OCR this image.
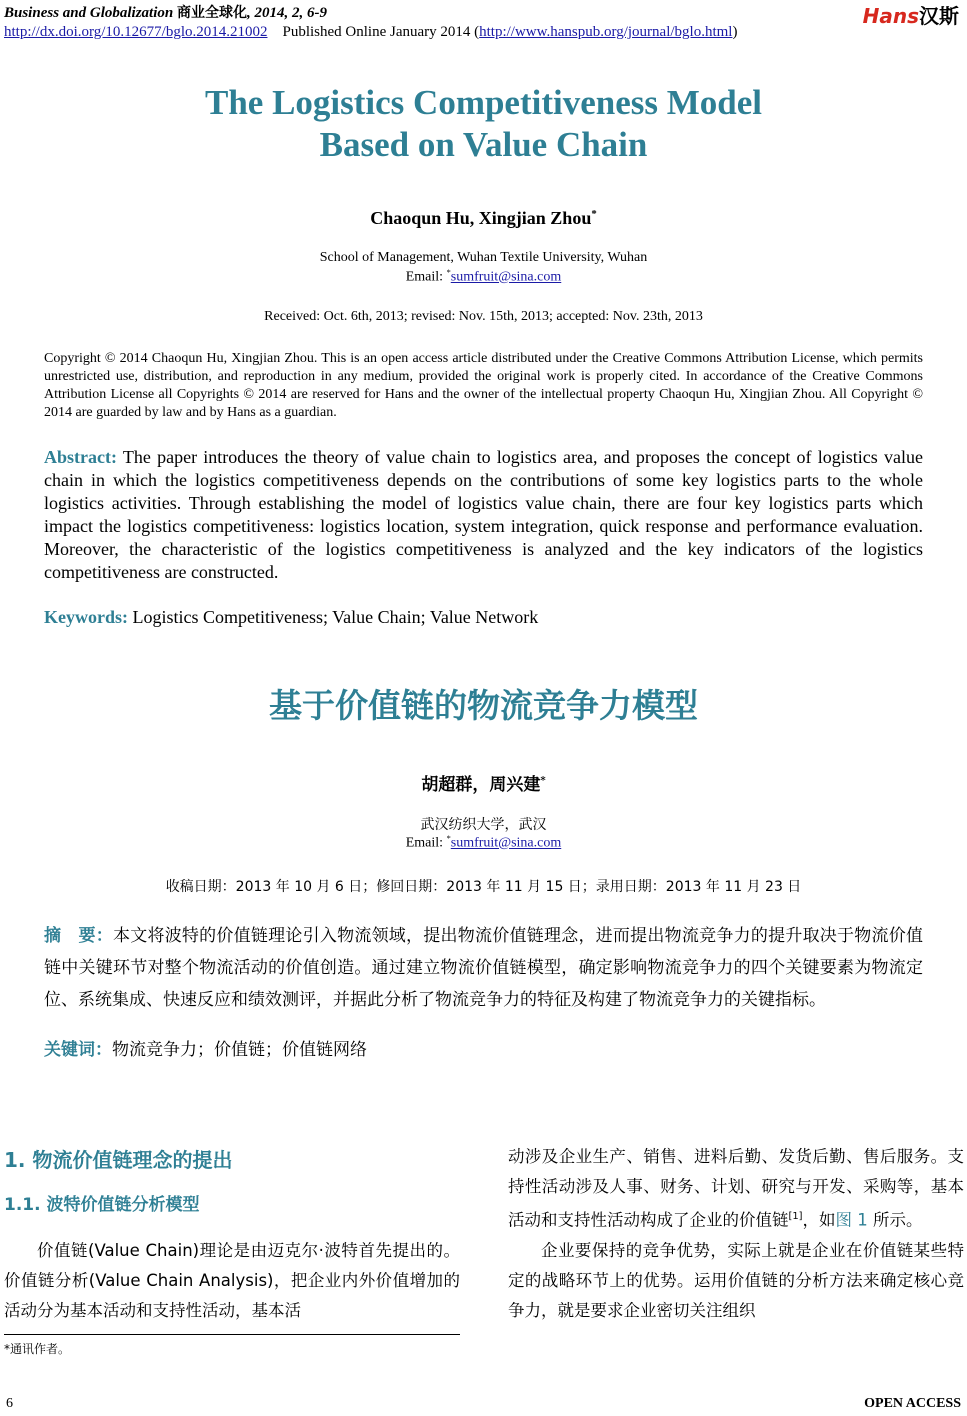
Business and Globalization 商业全球化, 2014, 2, 6-9
http://dx.doi.org/10.12677/bglo.2014.21002 Published Online January 2014 (http://www.hanspub.org/journal/bglo.html)
Hans汉斯
The Logistics Competitiveness Model
Based on Value Chain
Chaoqun Hu, Xingjian Zhou*
School of Management, Wuhan Textile University, Wuhan
Email: *sumfruit@sina.com
Received: Oct. 6th, 2013; revised: Nov. 15th, 2013; accepted: Nov. 23th, 2013
Copyright © 2014 Chaoqun Hu, Xingjian Zhou. This is an open access article distributed under the Creative Commons Attribution License, which permits unrestricted use, distribution, and reproduction in any medium, provided the original work is properly cited. In accordance of the Creative Commons Attribution License all Copyrights © 2014 are reserved for Hans and the owner of the intellectual property Chaoqun Hu, Xingjian Zhou. All Copyright © 2014 are guarded by law and by Hans as a guardian.
Abstract: The paper introduces the theory of value chain to logistics area, and proposes the concept of logistics value chain in which the logistics competitiveness depends on the contributions of some key logistics parts to the whole logistics activities. Through establishing the model of logistics value chain, there are four key logistics parts which impact the logistics competitiveness: logistics location, system integration, quick response and performance evaluation. Moreover, the characteristic of the logistics competitiveness is analyzed and the key indicators of the logistics competitiveness are constructed.
Keywords: Logistics Competitiveness; Value Chain; Value Network
基于价值链的物流竞争力模型
胡超群，周兴建*
武汉纺织大学，武汉
Email: *sumfruit@sina.com
收稿日期：2013 年 10 月 6 日；修回日期：2013 年 11 月 15 日；录用日期：2013 年 11 月 23 日
摘　要：本文将波特的价值链理论引入物流领域，提出物流价值链理念，进而提出物流竞争力的提升取决于物流价值链中关键环节对整个物流活动的价值创造。通过建立物流价值链模型，确定影响物流竞争力的四个关键要素为物流定位、系统集成、快速反应和绩效测评，并据此分析了物流竞争力的特征及构建了物流竞争力的关键指标。
关键词：物流竞争力；价值链；价值链网络
1. 物流价值链理念的提出
1.1. 波特价值链分析模型
价值链(Value Chain)理论是由迈克尔·波特首先提出的。价值链分析(Value Chain Analysis)，把企业内外价值增加的活动分为基本活动和支持性活动，基本活
动涉及企业生产、销售、进料后勤、发货后勤、售后服务。支持性活动涉及人事、财务、计划、研究与开发、采购等，基本活动和支持性活动构成了企业的价值链[1]，如图 1 所示。
企业要保持的竞争优势，实际上就是企业在价值链某些特定的战略环节上的优势。运用价值链的分析方法来确定核心竞争力，就是要求企业密切关注组织
*通讯作者。
6	OPEN ACCESS
